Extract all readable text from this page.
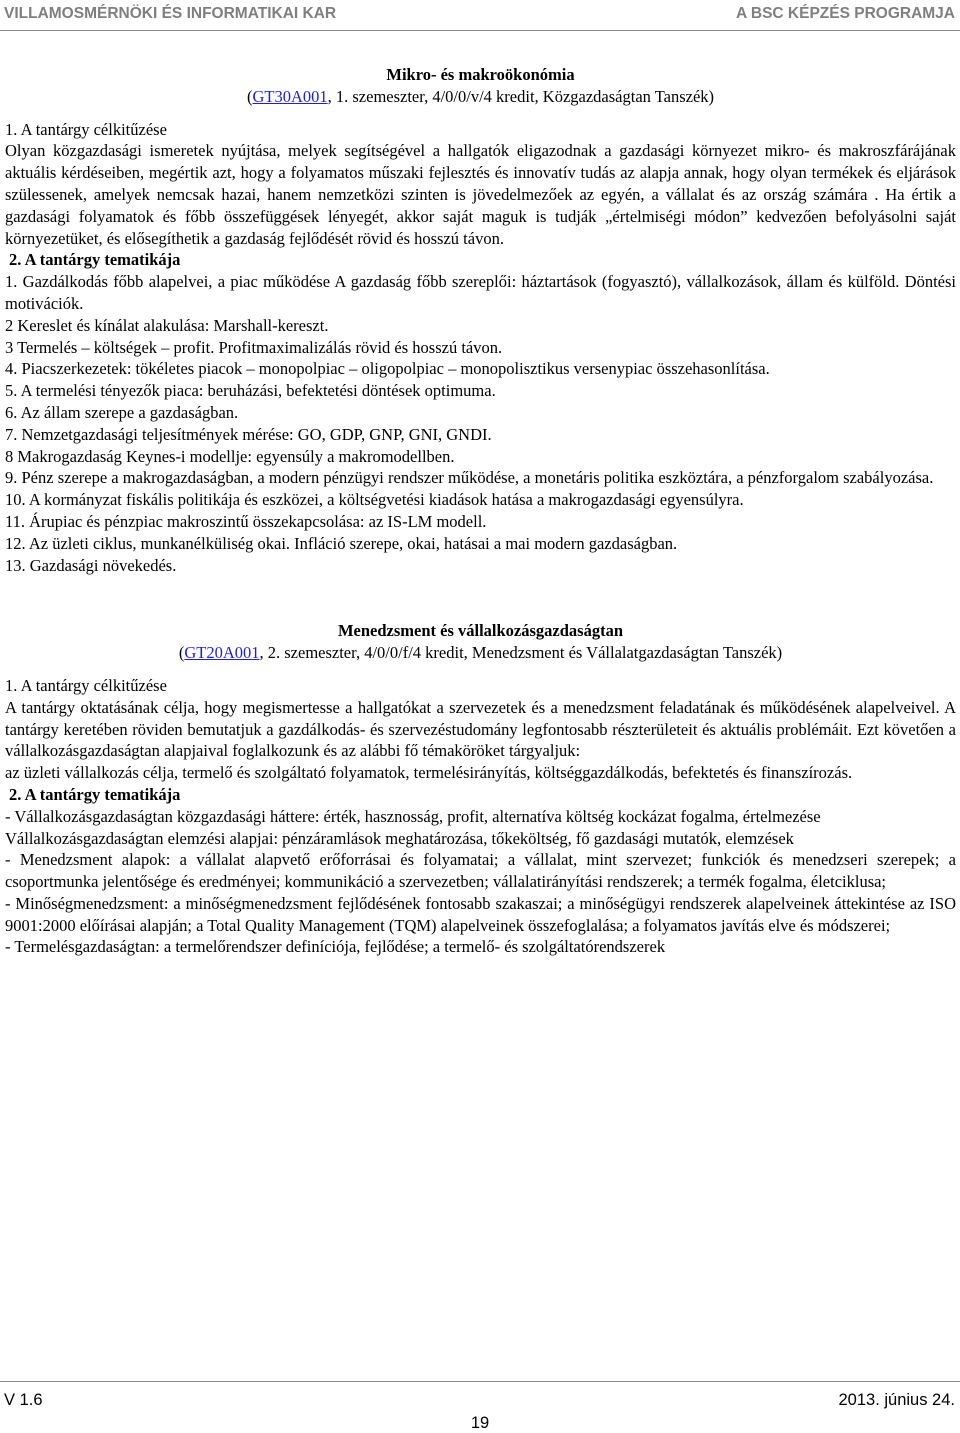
VILLAMOSMÉRNÖKI ÉS INFORMATIKAI KAR	A BSC KÉPZÉS PROGRAMJA

Mikro- és makroökonómia

(GT30A001, 1. szemeszter, 4/0/0/v/4 kredit, Közgazdaságtan Tanszék)

1. A tantárgy célkitűzése

Olyan közgazdasági ismeretek nyújtása, melyek segítségével a hallgatók eligazodnak a gazdasági környezet mikro- és makroszfárájának aktuális kérdéseiben, megértik azt, hogy a folyamatos műszaki fejlesztés és innovatív tudás az alapja annak, hogy olyan termékek és eljárások szülessenek, amelyek nemcsak hazai, hanem nemzetközi szinten is jövedelmezőek az egyén, a vállalat és az ország számára . Ha értik a gazdasági folyamatok és főbb összefüggések lényegét, akkor saját maguk is tudják „értelmiségi módon” kedvezően befolyásolni saját környezetüket, és elősegíthetik a gazdaság fejlődését rövid és hosszú távon.

2. A tantárgy tematikája

1. Gazdálkodás főbb alapelvei, a piac működése A gazdaság főbb szereplői: háztartások (fogyasztó), vállalkozások, állam és külföld. Döntési motivációk.

2 Kereslet és kínálat alakulása: Marshall-kereszt.

3 Termelés – költségek – profit. Profitmaximalizálás rövid és hosszú távon.

4. Piacszerkezetek: tökéletes piacok – monopolpiac – oligopolpiac – monopolisztikus versenypiac összehasonlítása.

5. A termelési tényezők piaca: beruházási, befektetési döntések optimuma.

6. Az állam szerepe a gazdaságban.

7. Nemzetgazdasági teljesítmények mérése: GO, GDP, GNP, GNI, GNDI.

8 Makrogazdaság Keynes-i modellje: egyensúly a makromodellben.

9. Pénz szerepe a makrogazdaságban, a modern pénzügyi rendszer működése, a monetáris politika eszköztára, a pénzforgalom szabályozása.

10. A kormányzat fiskális politikája és eszközei, a költségvetési kiadások hatása a makrogazdasági egyensúlyra.

11. Árupiac és pénzpiac makroszintű összekapcsolása: az IS-LM modell.

12. Az üzleti ciklus, munkanélküliség okai. Infláció szerepe, okai, hatásai a mai modern gazdaságban.

13. Gazdasági növekedés.

Menedzsment és vállalkozásgazdaságtan

(GT20A001, 2. szemeszter, 4/0/0/f/4 kredit, Menedzsment és Vállalatgazdaságtan Tanszék)

1. A tantárgy célkitűzése

A tantárgy oktatásának célja, hogy megismertesse a hallgatókat a szervezetek és a menedzsment feladatának és működésének alapelveivel. A tantárgy keretében röviden bemutatjuk a gazdálkodás- és szervezéstudomány legfontosabb részterületeit és aktuális problémáit. Ezt követően a vállalkozásgazdaságtan alapjaival foglalkozunk és az alábbi fő témaköröket tárgyaljuk:

az üzleti vállalkozás célja, termelő és szolgáltató folyamatok, termelésirányítás, költséggazdálkodás, befektetés és finanszírozás.

2. A tantárgy tematikája

- Vállalkozásgazdaságtan közgazdasági háttere: érték, hasznosság, profit, alternatíva költség kockázat fogalma, értelmezése

Vállalkozásgazdaságtan elemzési alapjai: pénzáramlások meghatározása, tőkeköltség, fő gazdasági mutatók, elemzések

- Menedzsment alapok: a vállalat alapvető erőforrásai és folyamatai; a vállalat, mint szervezet; funkciók és menedzseri szerepek; a csoportmunka jelentősége és eredményei; kommunikáció a szervezetben; vállalatirányítási rendszerek; a termék fogalma, életciklusa;

- Minőségmenedzsment: a minőségmenedzsment fejlődésének fontosabb szakaszai; a minőségügyi rendszerek alapelveinek áttekintése az ISO 9001:2000 előírásai alapján; a Total Quality Management (TQM) alapelveinek összefoglalása; a folyamatos javítás elve és módszerei;

- Termelésgazdaságtan: a termelőrendszer definíciója, fejlődése; a termelő- és szolgáltatórendszerek

V 1.6	2013. június 24.
19
